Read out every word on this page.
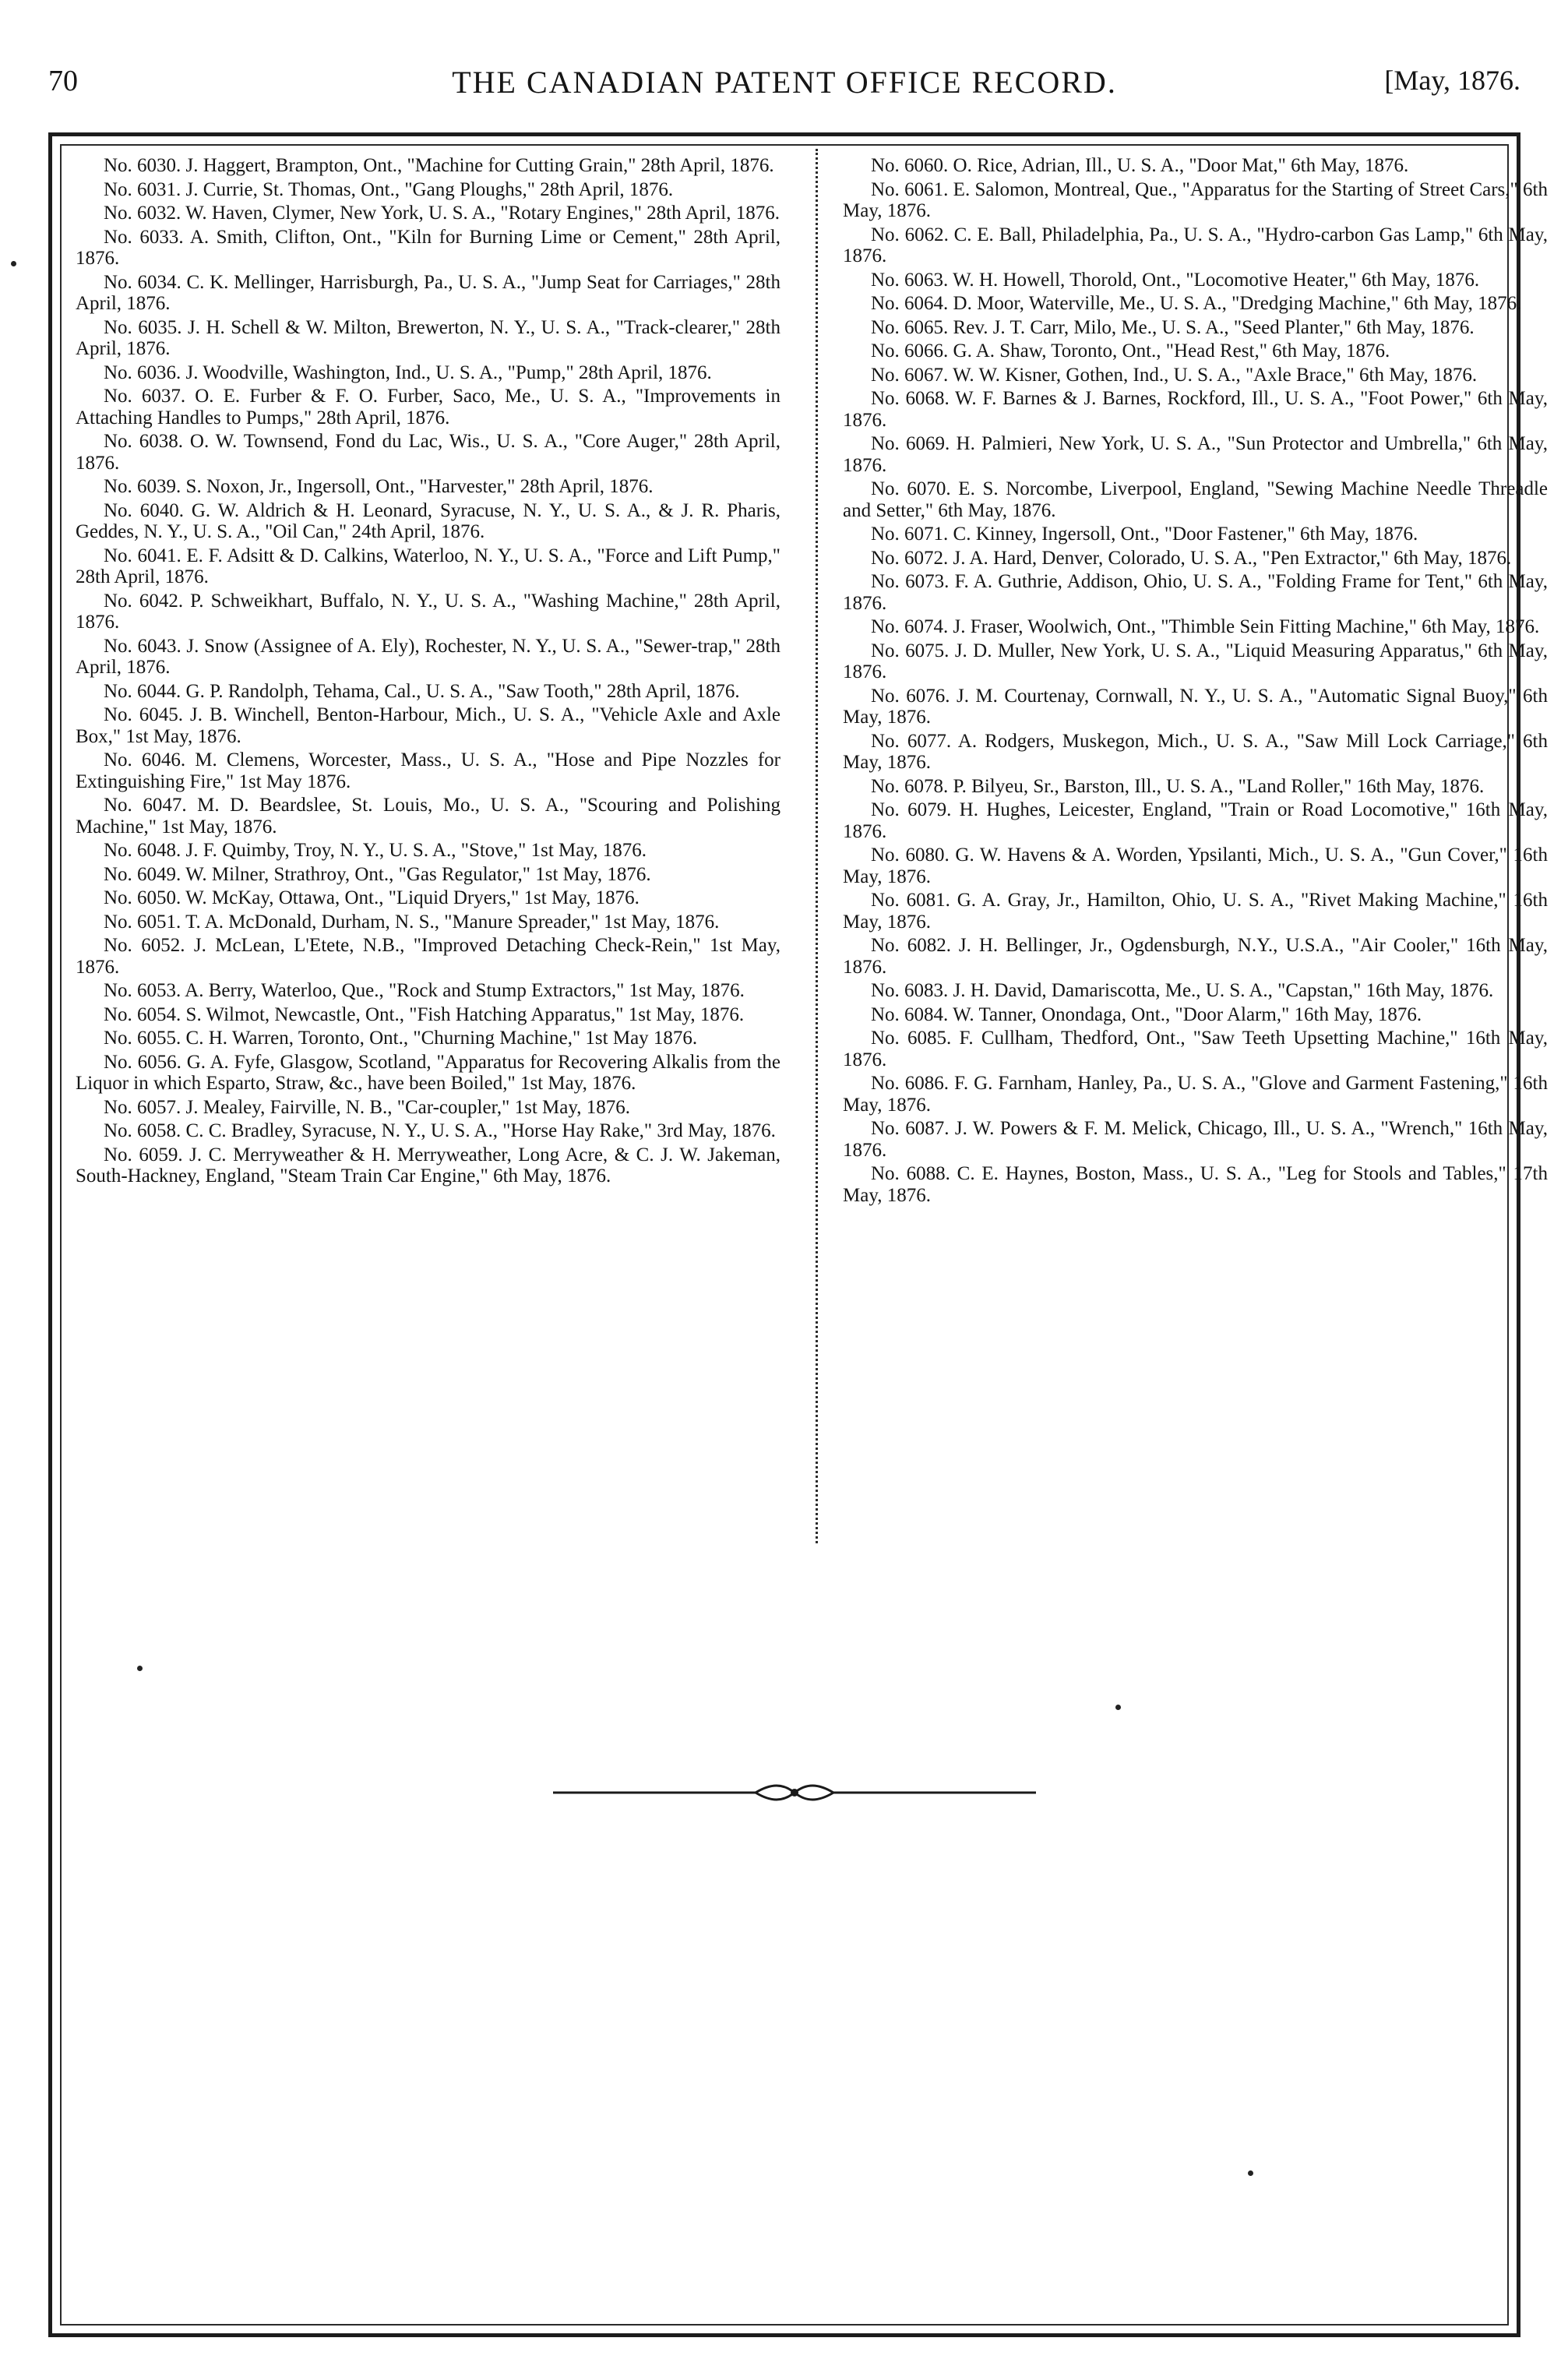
70	THE CANADIAN PATENT OFFICE RECORD.	[May, 1876.

No. 6030. J. Haggert, Brampton, Ont., "Machine for Cutting Grain," 28th April, 1876.

No. 6031. J. Currie, St. Thomas, Ont., "Gang Ploughs," 28th April, 1876.

No. 6032. W. Haven, Clymer, New York, U. S. A., "Rotary Engines," 28th April, 1876.

No. 6033. A. Smith, Clifton, Ont., "Kiln for Burning Lime or Cement," 28th April, 1876.

No. 6034. C. K. Mellinger, Harrisburgh, Pa., U. S. A., "Jump Seat for Carriages," 28th April, 1876.

No. 6035. J. H. Schell & W. Milton, Brewerton, N. Y., U. S. A., "Track-clearer," 28th April, 1876.

No. 6036. J. Woodville, Washington, Ind., U. S. A., "Pump," 28th April, 1876.

No. 6037. O. E. Furber & F. O. Furber, Saco, Me., U. S. A., "Improvements in Attaching Handles to Pumps," 28th April, 1876.

No. 6038. O. W. Townsend, Fond du Lac, Wis., U. S. A., "Core Auger," 28th April, 1876.

No. 6039. S. Noxon, Jr., Ingersoll, Ont., "Harvester," 28th April, 1876.

No. 6040. G. W. Aldrich & H. Leonard, Syracuse, N. Y., U. S. A., & J. R. Pharis, Geddes, N. Y., U. S. A., "Oil Can," 24th April, 1876.

No. 6041. E. F. Adsitt & D. Calkins, Waterloo, N. Y., U. S. A., "Force and Lift Pump," 28th April, 1876.

No. 6042. P. Schweikhart, Buffalo, N. Y., U. S. A., "Washing Machine," 28th April, 1876.

No. 6043. J. Snow (Assignee of A. Ely), Rochester, N. Y., U. S. A., "Sewer-trap," 28th April, 1876.

No. 6044. G. P. Randolph, Tehama, Cal., U. S. A., "Saw Tooth," 28th April, 1876.

No. 6045. J. B. Winchell, Benton-Harbour, Mich., U. S. A., "Vehicle Axle and Axle Box," 1st May, 1876.

No. 6046. M. Clemens, Worcester, Mass., U. S. A., "Hose and Pipe Nozzles for Extinguishing Fire," 1st May 1876.

No. 6047. M. D. Beardslee, St. Louis, Mo., U. S. A., "Scouring and Polishing Machine," 1st May, 1876.

No. 6048. J. F. Quimby, Troy, N. Y., U. S. A., "Stove," 1st May, 1876.

No. 6049. W. Milner, Strathroy, Ont., "Gas Regulator," 1st May, 1876.

No. 6050. W. McKay, Ottawa, Ont., "Liquid Dryers," 1st May, 1876.

No. 6051. T. A. McDonald, Durham, N. S., "Manure Spreader," 1st May, 1876.

No. 6052. J. McLean, L'Etete, N.B., "Improved Detaching Check-Rein," 1st May, 1876.

No. 6053. A. Berry, Waterloo, Que., "Rock and Stump Extractors," 1st May, 1876.

No. 6054. S. Wilmot, Newcastle, Ont., "Fish Hatching Apparatus," 1st May, 1876.

No. 6055. C. H. Warren, Toronto, Ont., "Churning Machine," 1st May 1876.

No. 6056. G. A. Fyfe, Glasgow, Scotland, "Apparatus for Recovering Alkalis from the Liquor in which Esparto, Straw, &c., have been Boiled," 1st May, 1876.

No. 6057. J. Mealey, Fairville, N. B., "Car-coupler," 1st May, 1876.

No. 6058. C. C. Bradley, Syracuse, N. Y., U. S. A., "Horse Hay Rake," 3rd May, 1876.

No. 6059. J. C. Merryweather & H. Merryweather, Long Acre, & C. J. W. Jakeman, South-Hackney, England, "Steam Train Car Engine," 6th May, 1876.

No. 6060. O. Rice, Adrian, Ill., U. S. A., "Door Mat," 6th May, 1876.

No. 6061. E. Salomon, Montreal, Que., "Apparatus for the Starting of Street Cars," 6th May, 1876.

No. 6062. C. E. Ball, Philadelphia, Pa., U. S. A., "Hydro-carbon Gas Lamp," 6th May, 1876.

No. 6063. W. H. Howell, Thorold, Ont., "Locomotive Heater," 6th May, 1876.

No. 6064. D. Moor, Waterville, Me., U. S. A., "Dredging Machine," 6th May, 1876.

No. 6065. Rev. J. T. Carr, Milo, Me., U. S. A., "Seed Planter," 6th May, 1876.

No. 6066. G. A. Shaw, Toronto, Ont., "Head Rest," 6th May, 1876.

No. 6067. W. W. Kisner, Gothen, Ind., U. S. A., "Axle Brace," 6th May, 1876.

No. 6068. W. F. Barnes & J. Barnes, Rockford, Ill., U. S. A., "Foot Power," 6th May, 1876.

No. 6069. H. Palmieri, New York, U. S. A., "Sun Protector and Umbrella," 6th May, 1876.

No. 6070. E. S. Norcombe, Liverpool, England, "Sewing Machine Needle Threadle and Setter," 6th May, 1876.

No. 6071. C. Kinney, Ingersoll, Ont., "Door Fastener," 6th May, 1876.

No. 6072. J. A. Hard, Denver, Colorado, U. S. A., "Pen Extractor," 6th May, 1876.

No. 6073. F. A. Guthrie, Addison, Ohio, U. S. A., "Folding Frame for Tent," 6th May, 1876.

No. 6074. J. Fraser, Woolwich, Ont., "Thimble Sein Fitting Machine," 6th May, 1876.

No. 6075. J. D. Muller, New York, U. S. A., "Liquid Measuring Apparatus," 6th May, 1876.

No. 6076. J. M. Courtenay, Cornwall, N. Y., U. S. A., "Automatic Signal Buoy," 6th May, 1876.

No. 6077. A. Rodgers, Muskegon, Mich., U. S. A., "Saw Mill Lock Carriage," 6th May, 1876.

No. 6078. P. Bilyeu, Sr., Barston, Ill., U. S. A., "Land Roller," 16th May, 1876.

No. 6079. H. Hughes, Leicester, England, "Train or Road Locomotive," 16th May, 1876.

No. 6080. G. W. Havens & A. Worden, Ypsilanti, Mich., U. S. A., "Gun Cover," 16th May, 1876.

No. 6081. G. A. Gray, Jr., Hamilton, Ohio, U. S. A., "Rivet Making Machine," 16th May, 1876.

No. 6082. J. H. Bellinger, Jr., Ogdensburgh, N.Y., U.S.A., "Air Cooler," 16th May, 1876.

No. 6083. J. H. David, Damariscotta, Me., U. S. A., "Capstan," 16th May, 1876.

No. 6084. W. Tanner, Onondaga, Ont., "Door Alarm," 16th May, 1876.

No. 6085. F. Cullham, Thedford, Ont., "Saw Teeth Upsetting Machine," 16th May, 1876.

No. 6086. F. G. Farnham, Hanley, Pa., U. S. A., "Glove and Garment Fastening," 16th May, 1876.

No. 6087. J. W. Powers & F. M. Melick, Chicago, Ill., U. S. A., "Wrench," 16th May, 1876.

No. 6088. C. E. Haynes, Boston, Mass., U. S. A., "Leg for Stools and Tables," 17th May, 1876.
